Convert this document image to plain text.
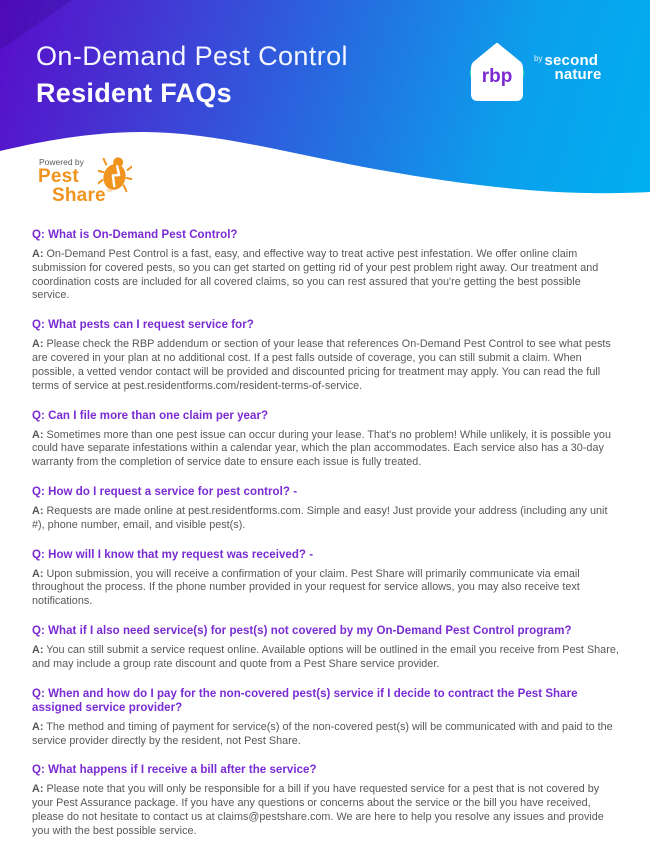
On-Demand Pest Control
Resident FAQs
rbp
$^{by}$ second
nature
Powered by
Pest
Share™
Q: What is On-Demand Pest Control?
A: On-Demand Pest Control is a fast, easy, and effective way to treat active pest infestation. We offer online claim submission for covered pests, so you can get started on getting rid of your pest problem right away. Our treatment and coordination costs are included for all covered claims, so you can rest assured that you're getting the best possible service.
Q: What pests can I request service for?
A: Please check the RBP addendum or section of your lease that references On-Demand Pest Control to see what pests are covered in your plan at no additional cost. If a pest falls outside of coverage, you can still submit a claim. When possible, a vetted vendor contact will be provided and discounted pricing for treatment may apply. You can read the full terms of service at pest.residentforms.com/resident-terms-of-service.
Q: Can I file more than one claim per year?
A: Sometimes more than one pest issue can occur during your lease. That's no problem! While unlikely, it is possible you could have separate infestations within a calendar year, which the plan accommodates. Each service also has a 30-day warranty from the completion of service date to ensure each issue is fully treated.
Q: How do I request a service for pest control? -
A: Requests are made online at pest.residentforms.com. Simple and easy! Just provide your address (including any unit #), phone number, email, and visible pest(s).
Q: How will I know that my request was received? -
A: Upon submission, you will receive a confirmation of your claim. Pest Share will primarily communicate via email throughout the process. If the phone number provided in your request for service allows, you may also receive text notifications.
Q: What if I also need service(s) for pest(s) not covered by my On-Demand Pest Control program?
A: You can still submit a service request online. Available options will be outlined in the email you receive from Pest Share, and may include a group rate discount and quote from a Pest Share service provider.
Q: When and how do I pay for the non-covered pest(s) service if I decide to contract the Pest Share assigned service provider?
A: The method and timing of payment for service(s) of the non-covered pest(s) will be communicated with and paid to the service provider directly by the resident, not Pest Share.
Q: What happens if I receive a bill after the service?
A: Please note that you will only be responsible for a bill if you have requested service for a pest that is not covered by your Pest Assurance package. If you have any questions or concerns about the service or the bill you have received, please do not hesitate to contact us at claims@pestshare.com. We are here to help you resolve any issues and provide you with the best possible service.
